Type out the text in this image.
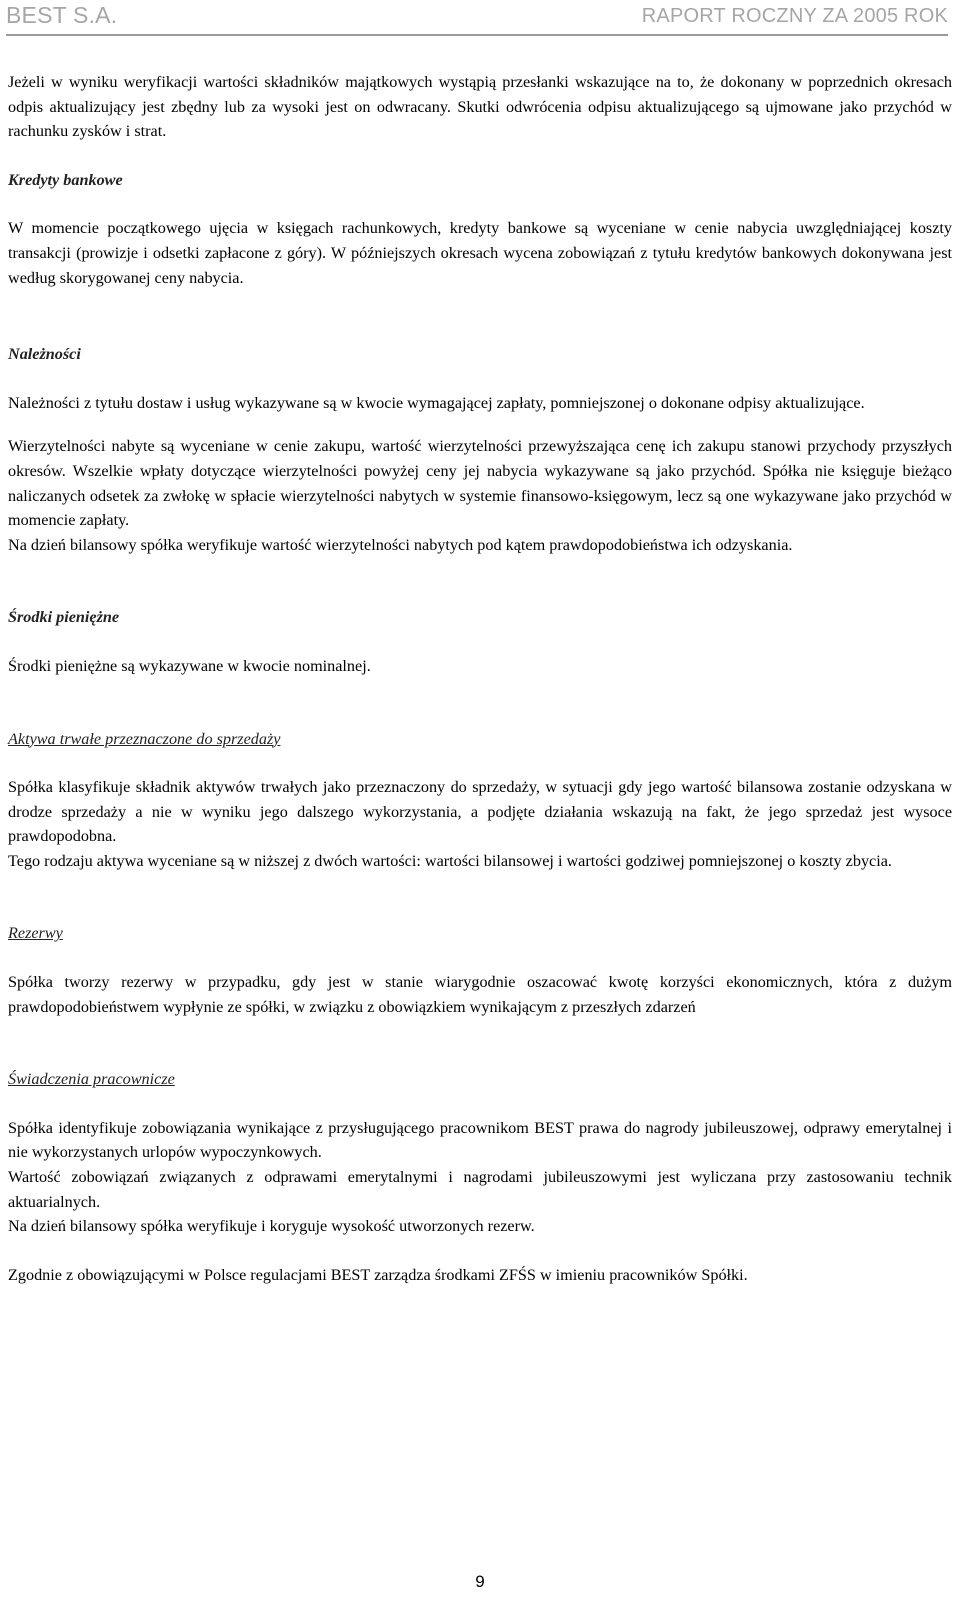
BEST S.A.	RAPORT ROCZNY ZA 2005 ROK

Jeżeli w wyniku weryfikacji wartości składników majątkowych wystąpią przesłanki wskazujące na to, że dokonany w poprzednich okresach odpis aktualizujący jest zbędny lub za wysoki jest on odwracany. Skutki odwrócenia odpisu aktualizującego są ujmowane jako przychód w rachunku zysków i strat.

Kredyty bankowe

W momencie początkowego ujęcia w księgach rachunkowych, kredyty bankowe są wyceniane w cenie nabycia uwzględniającej koszty transakcji (prowizje i odsetki zapłacone z góry). W późniejszych okresach wycena zobowiązań z tytułu kredytów bankowych dokonywana jest według skorygowanej ceny nabycia.

Należności

Należności z tytułu dostaw i usług wykazywane są w kwocie wymagającej zapłaty, pomniejszonej o dokonane odpisy aktualizujące.

Wierzytelności nabyte są wyceniane w cenie zakupu, wartość wierzytelności przewyższająca cenę ich zakupu stanowi przychody przyszłych okresów. Wszelkie wpłaty dotyczące wierzytelności powyżej ceny jej nabycia wykazywane są jako przychód. Spółka nie księguje bieżąco naliczanych odsetek za zwłokę w spłacie wierzytelności nabytych w systemie finansowo-księgowym, lecz są one wykazywane jako przychód w momencie zapłaty.

Na dzień bilansowy spółka weryfikuje wartość wierzytelności nabytych pod kątem prawdopodobieństwa ich odzyskania.

Środki pieniężne

Środki pieniężne są wykazywane w kwocie nominalnej.

Aktywa trwałe przeznaczone do sprzedaży

Spółka klasyfikuje składnik aktywów trwałych jako przeznaczony do sprzedaży, w sytuacji gdy jego wartość bilansowa zostanie odzyskana w drodze sprzedaży a nie w wyniku jego dalszego wykorzystania, a podjęte działania wskazują na fakt, że jego sprzedaż jest wysoce prawdopodobna.

Tego rodzaju aktywa wyceniane są w niższej z dwóch wartości: wartości bilansowej i wartości godziwej pomniejszonej o koszty zbycia.

Rezerwy

Spółka tworzy rezerwy w przypadku, gdy jest w stanie wiarygodnie oszacować kwotę korzyści ekonomicznych, która z dużym prawdopodobieństwem wypłynie ze spółki, w związku z obowiązkiem wynikającym z przeszłych zdarzeń

Świadczenia pracownicze

Spółka identyfikuje zobowiązania wynikające z przysługującego pracownikom BEST prawa do nagrody jubileuszowej, odprawy emerytalnej i nie wykorzystanych urlopów wypoczynkowych.

Wartość zobowiązań związanych z odprawami emerytalnymi i nagrodami jubileuszowymi jest wyliczana przy zastosowaniu technik aktuarialnych.

Na dzień bilansowy spółka weryfikuje i koryguje wysokość utworzonych rezerw.

Zgodnie z obowiązującymi w Polsce regulacjami BEST zarządza środkami ZFŚS w imieniu pracowników Spółki.

9
